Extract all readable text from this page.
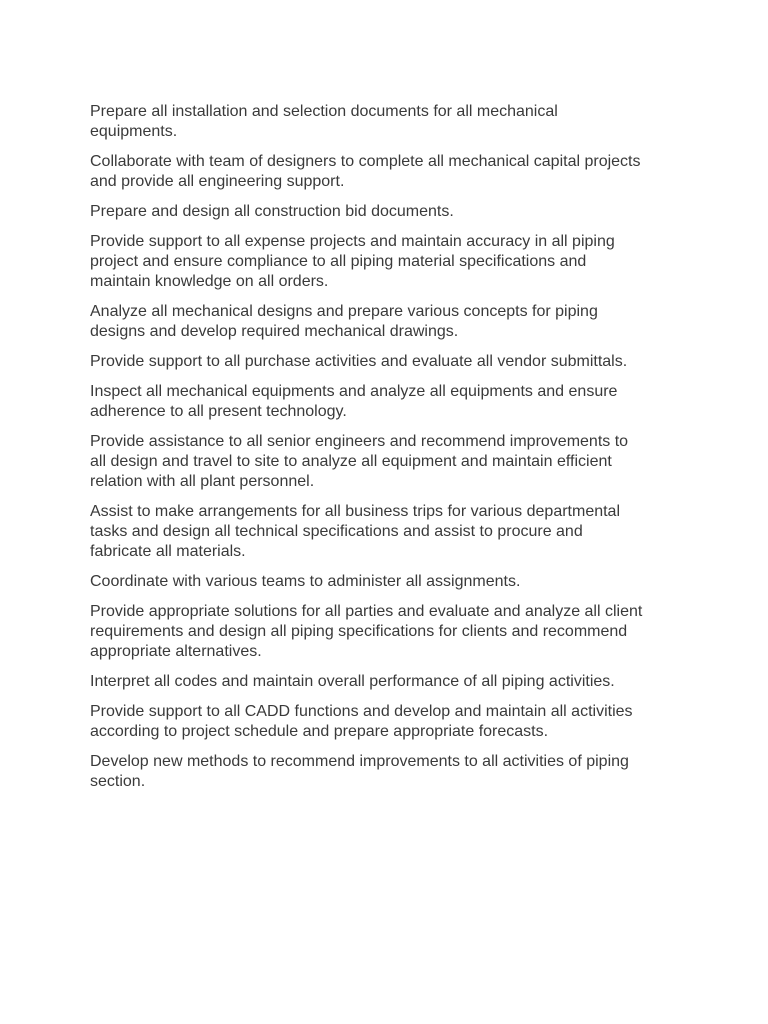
Prepare all installation and selection documents for all mechanical
equipments.

Collaborate with team of designers to complete all mechanical capital projects
and provide all engineering support.

Prepare and design all construction bid documents.

Provide support to all expense projects and maintain accuracy in all piping
project and ensure compliance to all piping material specifications and
maintain knowledge on all orders.

Analyze all mechanical designs and prepare various concepts for piping
designs and develop required mechanical drawings.

Provide support to all purchase activities and evaluate all vendor submittals.

Inspect all mechanical equipments and analyze all equipments and ensure
adherence to all present technology.

Provide assistance to all senior engineers and recommend improvements to
all design and travel to site to analyze all equipment and maintain efficient
relation with all plant personnel.

Assist to make arrangements for all business trips for various departmental
tasks and design all technical specifications and assist to procure and
fabricate all materials.

Coordinate with various teams to administer all assignments.

Provide appropriate solutions for all parties and evaluate and analyze all client
requirements and design all piping specifications for clients and recommend
appropriate alternatives.

Interpret all codes and maintain overall performance of all piping activities.

Provide support to all CADD functions and develop and maintain all activities
according to project schedule and prepare appropriate forecasts.

Develop new methods to recommend improvements to all activities of piping
section.
